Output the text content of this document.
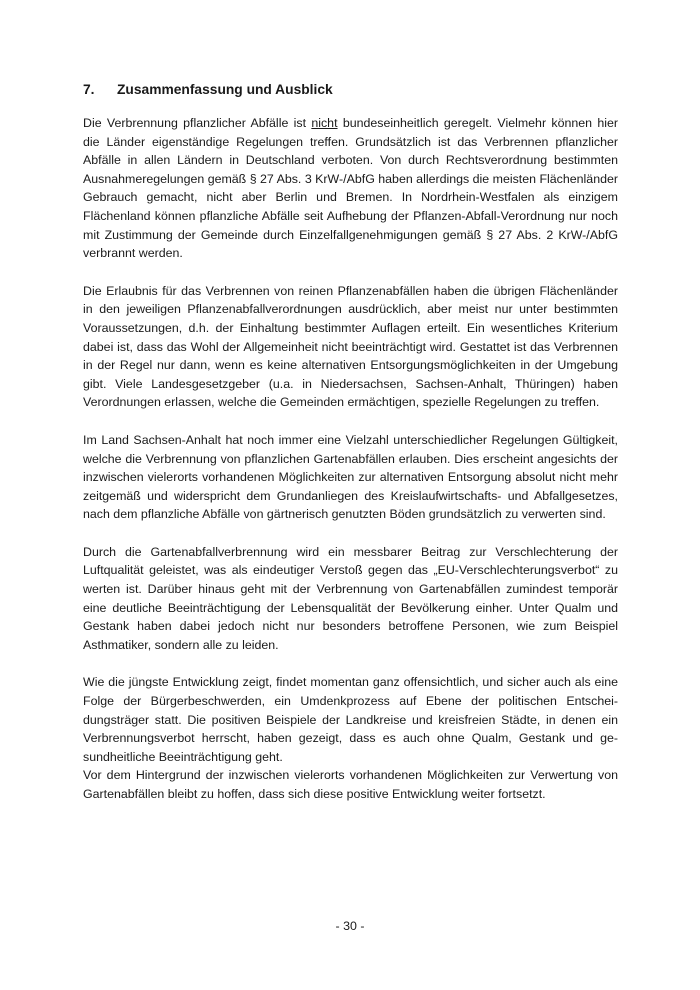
7.	Zusammenfassung und Ausblick

Die Verbrennung pflanzlicher Abfälle ist nicht bundeseinheitlich geregelt. Vielmehr können hier die Länder eigenständige Regelungen treffen. Grundsätzlich ist das Verbrennen pflanzlicher Abfälle in allen Ländern in Deutschland verboten. Von durch Rechtsverordnung bestimmten Ausnahmeregelungen gemäß § 27 Abs. 3 KrW-/AbfG haben allerdings die meisten Flächenländer Gebrauch gemacht, nicht aber Berlin und Bremen. In Nordrhein-Westfalen als einzigem Flächenland können pflanzliche Abfälle seit Aufhebung der Pflanzen-Abfall-Verordnung nur noch mit Zustimmung der Gemeinde durch Einzelfallgenehmigungen gemäß § 27 Abs. 2 KrW-/AbfG verbrannt werden.

Die Erlaubnis für das Verbrennen von reinen Pflanzenabfällen haben die übrigen Flächenländer in den jeweiligen Pflanzenabfallverordnungen ausdrücklich, aber meist nur unter bestimmten Voraussetzungen, d.h. der Einhaltung bestimmter Auflagen erteilt. Ein wesentliches Kriterium dabei ist, dass das Wohl der Allgemeinheit nicht beeinträchtigt wird. Gestattet ist das Verbrennen in der Regel nur dann, wenn es keine alternativen Entsorgungsmöglichkeiten in der Umgebung gibt. Viele Landesgesetzgeber (u.a. in Niedersachsen, Sachsen-Anhalt, Thüringen) haben Verordnungen erlassen, welche die Gemeinden ermächtigen, spezielle Regelungen zu treffen.

Im Land Sachsen-Anhalt hat noch immer eine Vielzahl unterschiedlicher Regelungen Gültigkeit, welche die Verbrennung von pflanzlichen Gartenabfällen erlauben. Dies erscheint angesichts der inzwischen vielerorts vorhandenen Möglichkeiten zur alternativen Entsorgung absolut nicht mehr zeitgemäß und widerspricht dem Grundanliegen des Kreislaufwirtschafts- und Abfallgesetzes, nach dem pflanzliche Abfälle von gärtnerisch genutzten Böden grundsätzlich zu verwerten sind.

Durch die Gartenabfallverbrennung wird ein messbarer Beitrag zur Verschlechterung der Luftqualität geleistet, was als eindeutiger Verstoß gegen das „EU-Verschlechterungsverbot“ zu werten ist. Darüber hinaus geht mit der Verbrennung von Gartenabfällen zumindest temporär eine deutliche Beeinträchtigung der Lebensqualität der Bevölkerung einher. Unter Qualm und Gestank haben dabei jedoch nicht nur besonders betroffene Personen, wie zum Beispiel Asthmatiker, sondern alle zu leiden.

Wie die jüngste Entwicklung zeigt, findet momentan ganz offensichtlich, und sicher auch als eine Folge der Bürgerbeschwerden, ein Umdenkprozess auf Ebene der politischen Entscheidungsträger statt. Die positiven Beispiele der Landkreise und kreisfreien Städte, in denen ein Verbrennungsverbot herrscht, haben gezeigt, dass es auch ohne Qualm, Gestank und gesundheitliche Beeinträchtigung geht.

Vor dem Hintergrund der inzwischen vielerorts vorhandenen Möglichkeiten zur Verwertung von Gartenabfällen bleibt zu hoffen, dass sich diese positive Entwicklung weiter fortsetzt.

- 30 -
